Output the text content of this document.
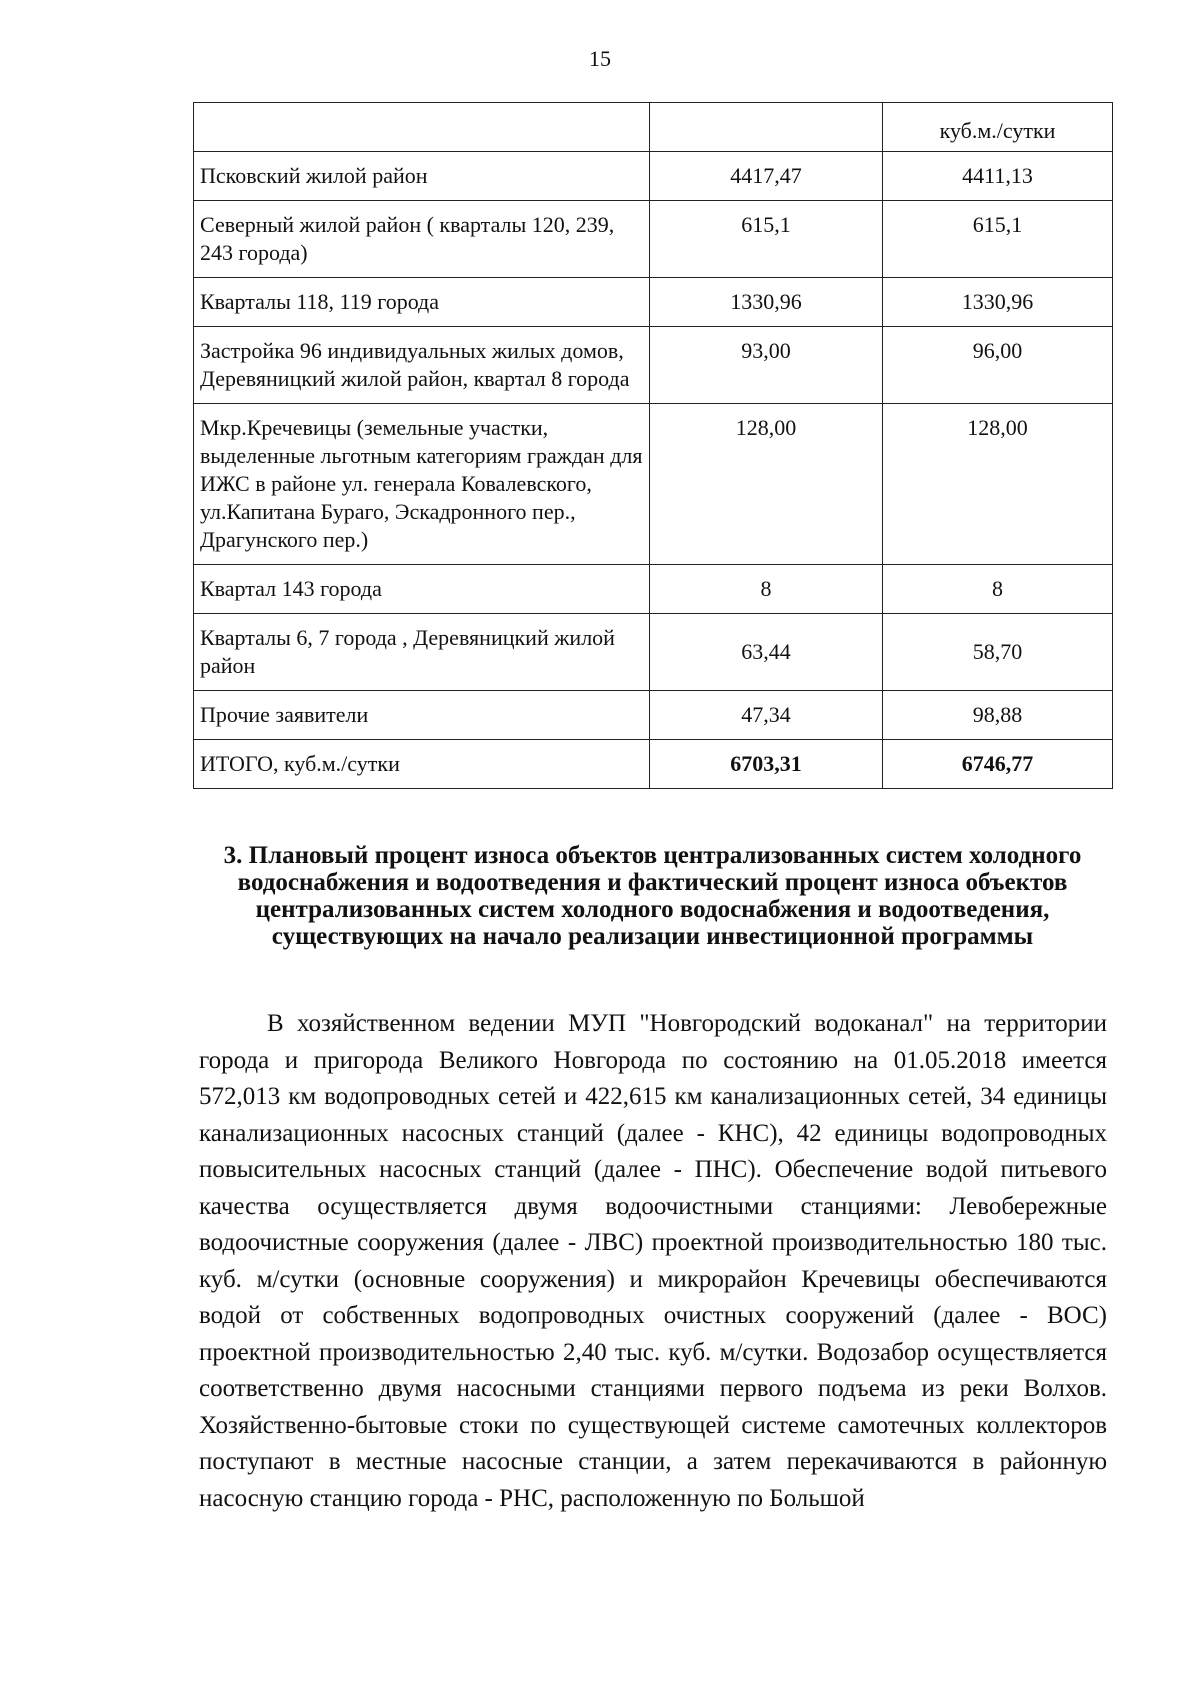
15
		куб.м./сутки
Псковский жилой район	4417,47	4411,13
Северный жилой район ( кварталы 120, 239, 243 города)	615,1	615,1
Кварталы 118, 119 города	1330,96	1330,96
Застройка 96 индивидуальных жилых домов, Деревяницкий жилой район, квартал 8 города	93,00	96,00
Мкр.Кречевицы (земельные участки, выделенные льготным категориям граждан для ИЖС в районе ул. генерала Ковалевского, ул.Капитана Бураго, Эскадронного пер., Драгунского пер.)	128,00	128,00
Квартал 143 города	8	8
Кварталы 6, 7 города , Деревяницкий жилой район	63,44	58,70
Прочие заявители	47,34	98,88
ИТОГО, куб.м./сутки	6703,31	6746,77
3. Плановый процент износа объектов централизованных систем холодного водоснабжения и водоотведения и фактический процент износа объектов централизованных систем холодного водоснабжения и водоотведения, существующих на начало реализации инвестиционной программы

В хозяйственном ведении МУП "Новгородский водоканал" на территории города и пригорода Великого Новгорода по состоянию на 01.05.2018 имеется 572,013 км водопроводных сетей и 422,615 км канализационных сетей, 34 единицы канализационных насосных станций (далее - КНС), 42 единицы водопроводных повысительных насосных станций (далее - ПНС). Обеспечение водой питьевого качества осуществляется двумя водоочистными станциями: Левобережные водоочистные сооружения (далее - ЛВС) проектной производительностью 180 тыс. куб. м/сутки (основные сооружения) и микрорайон Кречевицы обеспечиваются водой от собственных водопроводных очистных сооружений (далее - ВОС) проектной производительностью 2,40 тыс. куб. м/сутки. Водозабор осуществляется соответственно двумя насосными станциями первого подъема из реки Волхов. Хозяйственно-бытовые стоки по существующей системе самотечных коллекторов поступают в местные насосные станции, а затем перекачиваются в районную насосную станцию города - РНС, расположенную по Большой
